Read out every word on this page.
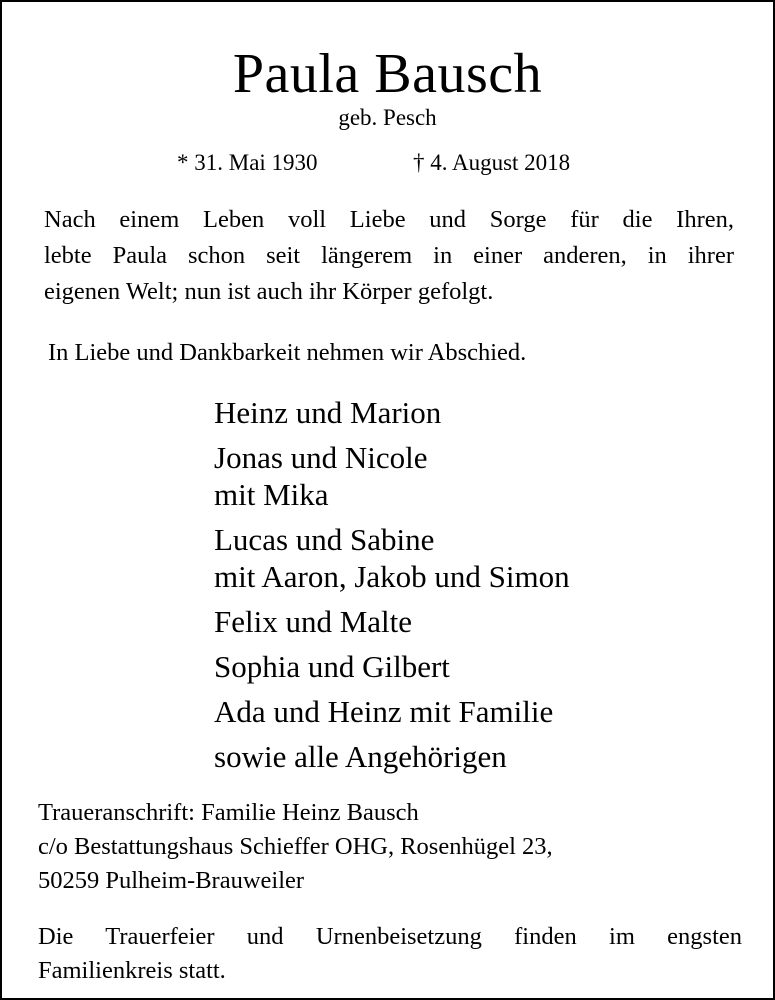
Paula Bausch
geb. Pesch
* 31. Mai 1930	† 4. August 2018
Nach einem Leben voll Liebe und Sorge für die Ihren,
lebte Paula schon seit längerem in einer anderen, in ihrer
eigenen Welt; nun ist auch ihr Körper gefolgt.
In Liebe und Dankbarkeit nehmen wir Abschied.
Heinz und Marion
Jonas und Nicole
mit Mika
Lucas und Sabine
mit Aaron, Jakob und Simon
Felix und Malte
Sophia und Gilbert
Ada und Heinz mit Familie
sowie alle Angehörigen
Traueranschrift: Familie Heinz Bausch
c/o Bestattungshaus Schieffer OHG, Rosenhügel 23,
50259 Pulheim-Brauweiler
Die Trauerfeier und Urnenbeisetzung finden im engsten
Familienkreis statt.
